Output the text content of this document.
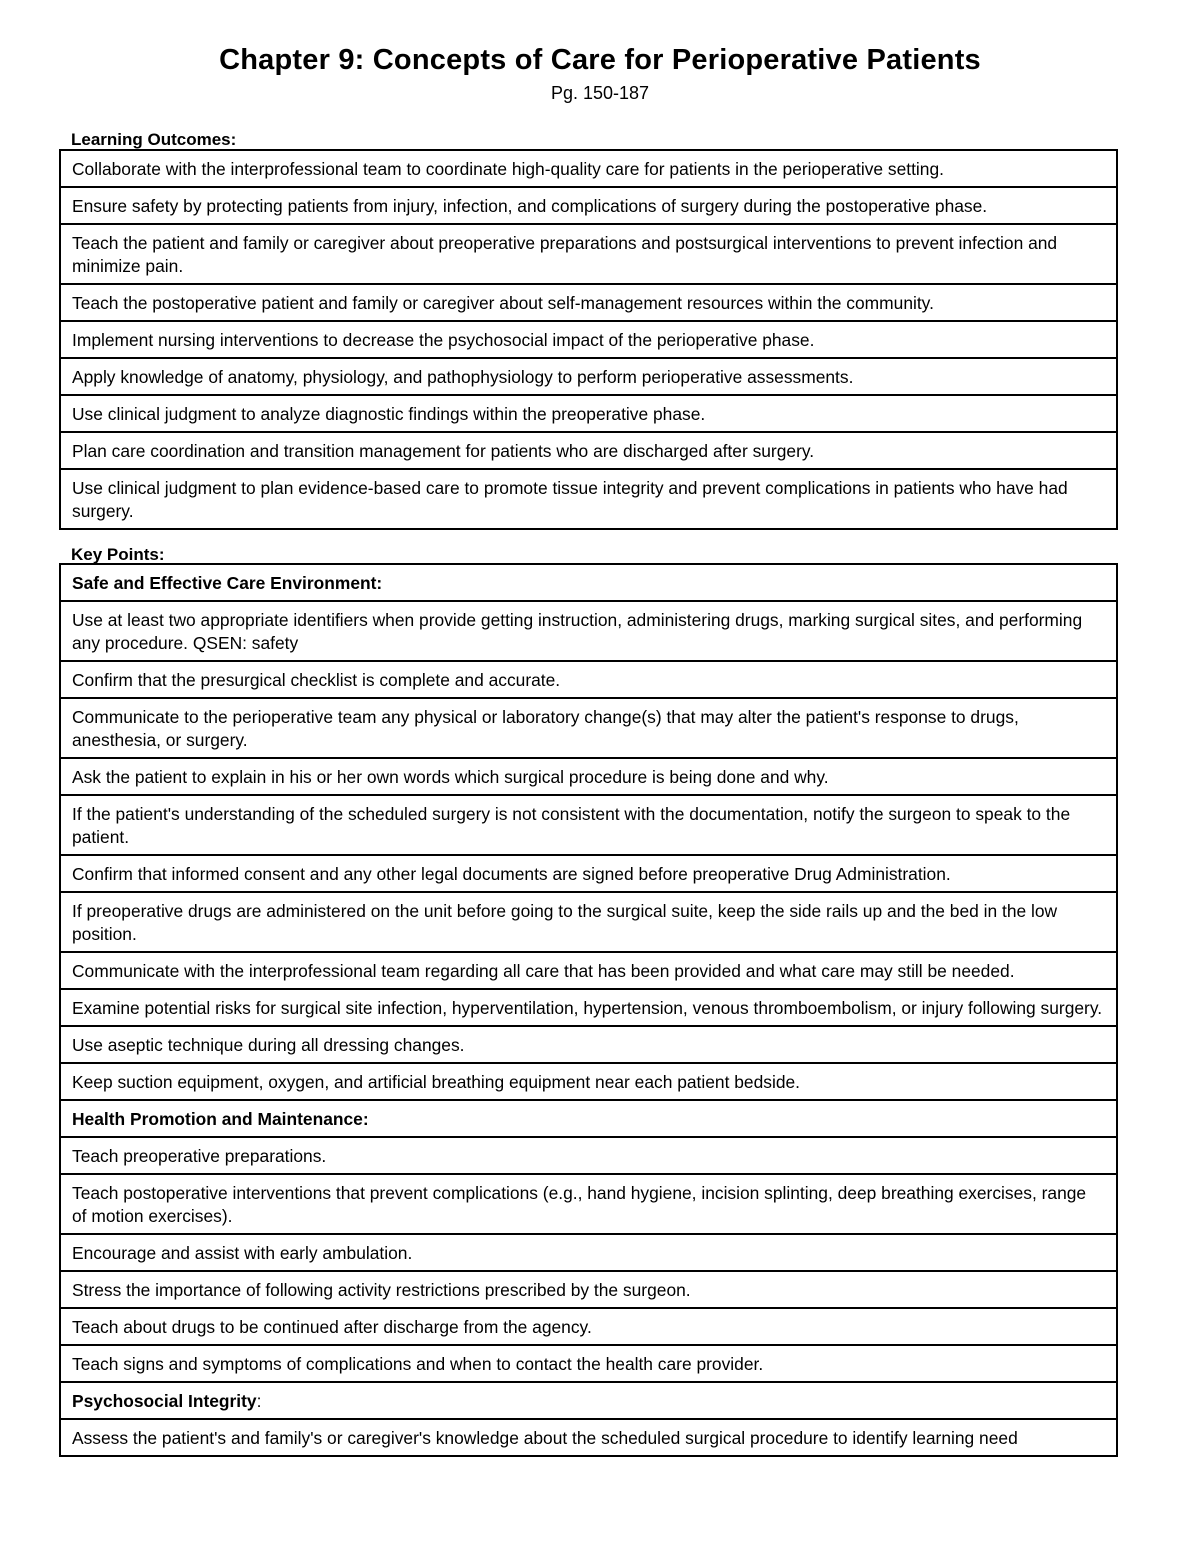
Chapter 9: Concepts of Care for Perioperative Patients
Pg. 150-187
Learning Outcomes:
Collaborate with the interprofessional team to coordinate high-quality care for patients in the perioperative setting.
Ensure safety by protecting patients from injury, infection, and complications of surgery during the postoperative phase.
Teach the patient and family or caregiver about preoperative preparations and postsurgical interventions to prevent infection and minimize pain.
Teach the postoperative patient and family or caregiver about self-management resources within the community.
Implement nursing interventions to decrease the psychosocial impact of the perioperative phase.
Apply knowledge of anatomy, physiology, and pathophysiology to perform perioperative assessments.
Use clinical judgment to analyze diagnostic findings within the preoperative phase.
Plan care coordination and transition management for patients who are discharged after surgery.
Use clinical judgment to plan evidence-based care to promote tissue integrity and prevent complications in patients who have had surgery.
Key Points:
Safe and Effective Care Environment:
Use at least two appropriate identifiers when provide getting instruction, administering drugs, marking surgical sites, and performing any procedure. QSEN: safety
Confirm that the presurgical checklist is complete and accurate.
Communicate to the perioperative team any physical or laboratory change(s) that may alter the patient's response to drugs, anesthesia, or surgery.
Ask the patient to explain in his or her own words which surgical procedure is being done and why.
If the patient's understanding of the scheduled surgery is not consistent with the documentation, notify the surgeon to speak to the patient.
Confirm that informed consent and any other legal documents are signed before preoperative Drug Administration.
If preoperative drugs are administered on the unit before going to the surgical suite, keep the side rails up and the bed in the low position.
Communicate with the interprofessional team regarding all care that has been provided and what care may still be needed.
Examine potential risks for surgical site infection, hyperventilation, hypertension, venous thromboembolism, or injury following surgery.
Use aseptic technique during all dressing changes.
Keep suction equipment, oxygen, and artificial breathing equipment near each patient bedside.
Health Promotion and Maintenance:
Teach preoperative preparations.
Teach postoperative interventions that prevent complications (e.g., hand hygiene, incision splinting, deep breathing exercises, range of motion exercises).
Encourage and assist with early ambulation.
Stress the importance of following activity restrictions prescribed by the surgeon.
Teach about drugs to be continued after discharge from the agency.
Teach signs and symptoms of complications and when to contact the health care provider.
Psychosocial Integrity:
Assess the patient's and family's or caregiver's knowledge about the scheduled surgical procedure to identify learning need
